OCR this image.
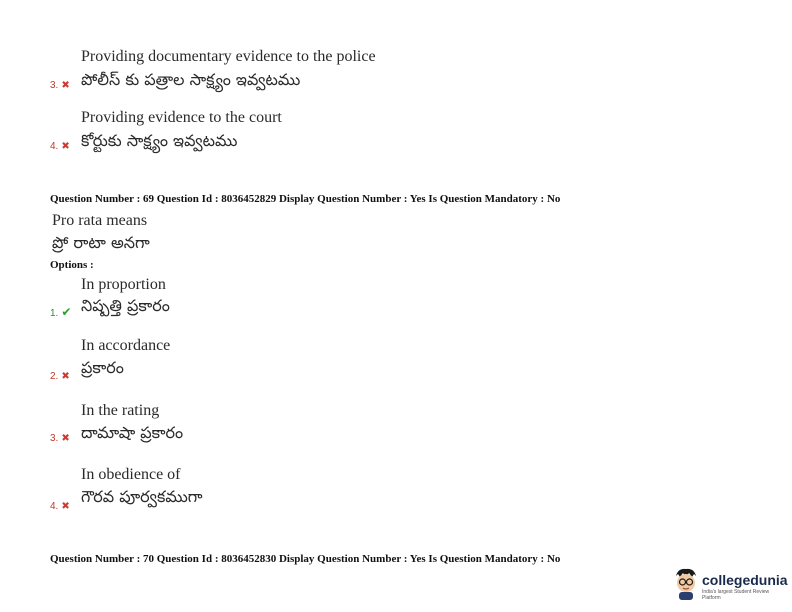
Providing documentary evidence to the police
పోలీస్ కు పత్రాల సాక్ష్యం ఇవ్వటము
3. ✖
Providing evidence to the court
కోర్టుకు సాక్ష్యం ఇవ్వటము
4. ✖
Question Number : 69 Question Id : 8036452829 Display Question Number : Yes Is Question Mandatory : No
Pro rata means
ప్రో రాటా అనగా
Options :
In proportion
నిష్పత్తి ప్రకారం
1. ✔
In accordance
ప్రకారం
2. ✖
In the rating
దామాషా ప్రకారం
3. ✖
In obedience of
గౌరవ పూర్వకముగా
4. ✖
Question Number : 70 Question Id : 8036452830 Display Question Number : Yes Is Question Mandatory : No
collegedunia
India's largest Student Review Platform
